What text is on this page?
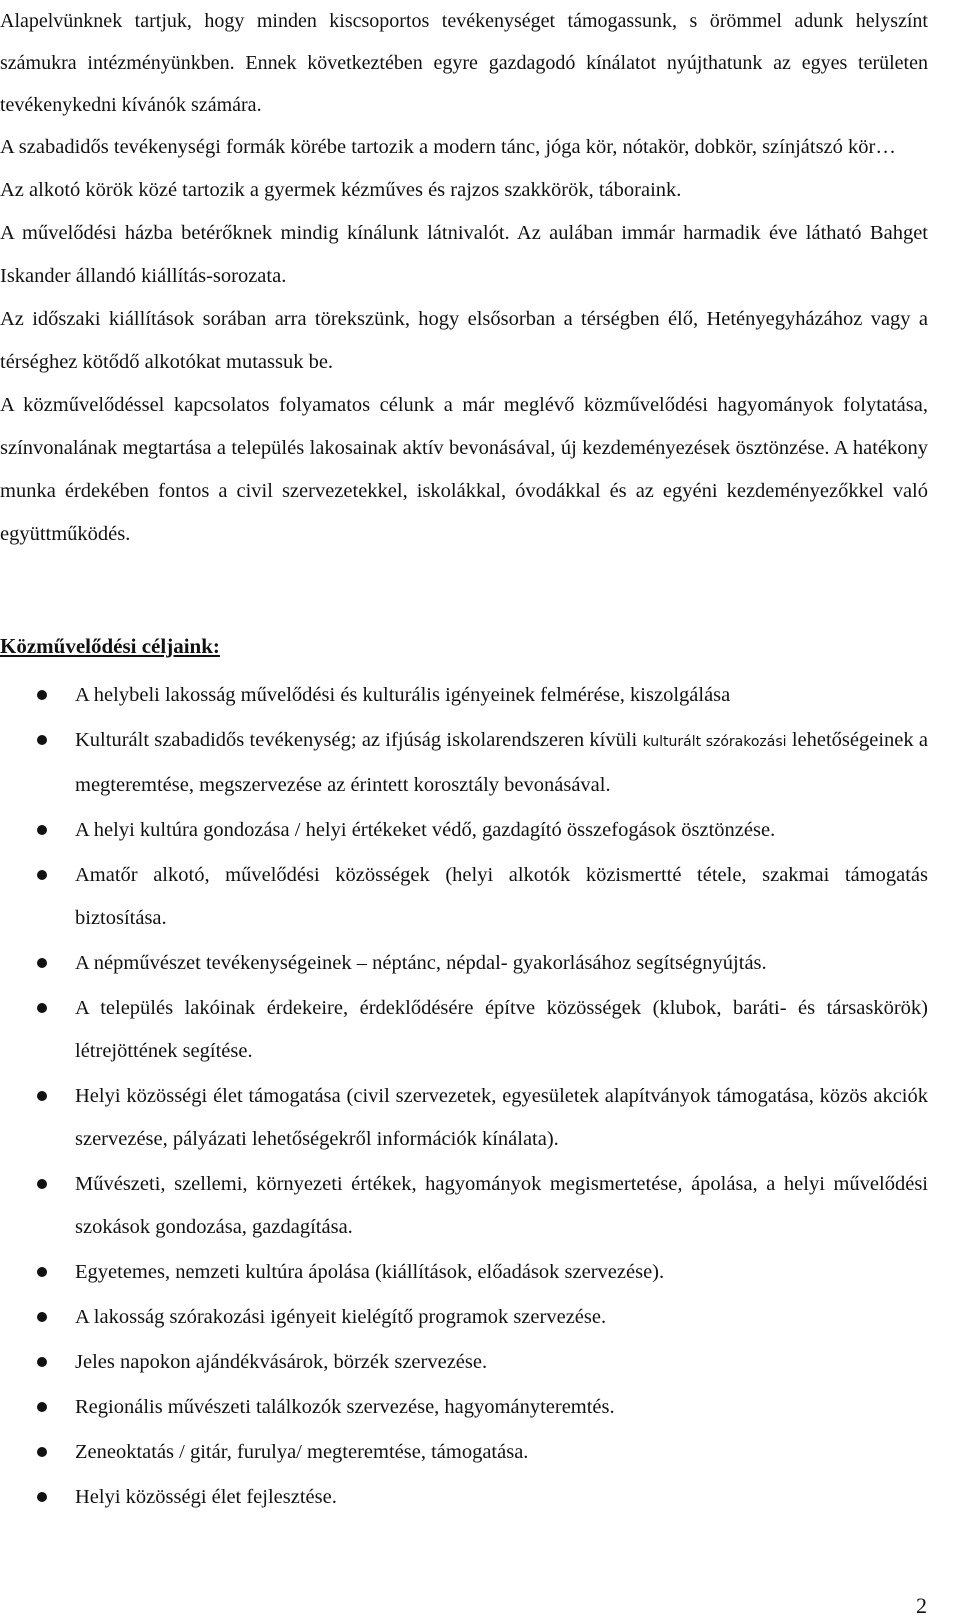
Alapelvünknek tartjuk, hogy minden kiscsoportos tevékenységet támogassunk, s örömmel adunk helyszínt számukra intézményünkben. Ennek következtében egyre gazdagodó kínálatot nyújthatunk az egyes területen tevékenykedni kívánók számára.

A szabadidős tevékenységi formák körébe tartozik a modern tánc, jóga kör, nótakör, dobkör, színjátszó kör…

Az alkotó körök közé tartozik a gyermek kézműves és rajzos szakkörök, táboraink.

A művelődési házba betérőknek mindig kínálunk látnivalót. Az aulában immár harmadik éve látható Bahget Iskander állandó kiállítás-sorozata.

Az időszaki kiállítások sorában arra törekszünk, hogy elsősorban a térségben élő, Hetényegyházához vagy a térséghez kötődő alkotókat mutassuk be.

A közművelődéssel kapcsolatos folyamatos célunk a már meglévő közművelődési hagyományok folytatása, színvonalának megtartása a település lakosainak aktív bevonásával, új kezdeményezések ösztönzése. A hatékony munka érdekében fontos a civil szervezetekkel, iskolákkal, óvodákkal és az egyéni kezdeményezőkkel való együttműködés.

Közművelődési céljaink:
A helybeli lakosság művelődési és kulturális igényeinek felmérése, kiszolgálása
Kulturált szabadidős tevékenység; az ifjúság iskolarendszeren kívüli kulturált szórakozási lehetőségeinek a megteremtése, megszervezése az érintett korosztály bevonásával.
A helyi kultúra gondozása / helyi értékeket védő, gazdagító összefogások ösztönzése.
Amatőr alkotó, művelődési közösségek (helyi alkotók közismertté tétele, szakmai támogatás biztosítása.
A népművészet tevékenységeinek – néptánc, népdal- gyakorlásához segítségnyújtás.
A település lakóinak érdekeire, érdeklődésére építve közösségek (klubok, baráti- és társaskörök) létrejöttének segítése.
Helyi közösségi élet támogatása (civil szervezetek, egyesületek alapítványok támogatása, közös akciók szervezése, pályázati lehetőségekről információk kínálata).
Művészeti, szellemi, környezeti értékek, hagyományok megismertetése, ápolása, a helyi művelődési szokások gondozása, gazdagítása.
Egyetemes, nemzeti kultúra ápolása (kiállítások, előadások szervezése).
A lakosság szórakozási igényeit kielégítő programok szervezése.
Jeles napokon ajándékvásárok, börzék szervezése.
Regionális művészeti találkozók szervezése, hagyományteremtés.
Zeneoktatás / gitár, furulya/ megteremtése, támogatása.
Helyi közösségi élet fejlesztése.
2
